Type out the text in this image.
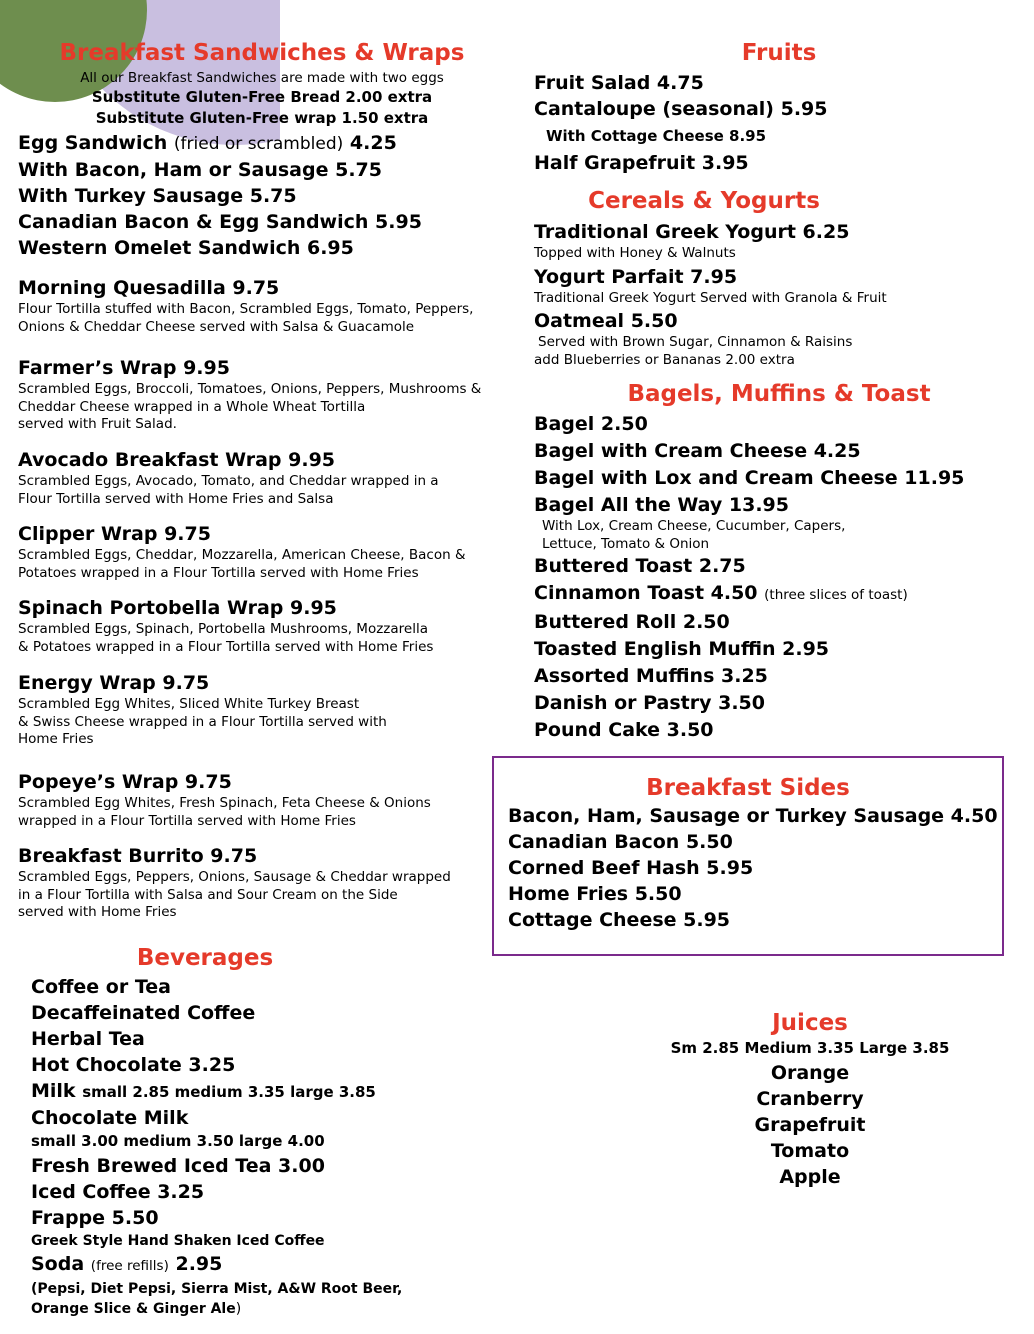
Breakfast Sandwiches & Wraps
All our Breakfast Sandwiches are made with two eggs
Substitute Gluten-Free Bread 2.00 extra
Substitute Gluten-Free wrap 1.50 extra
Egg Sandwich (fried or scrambled) 4.25
With Bacon, Ham or Sausage 5.75
With Turkey Sausage 5.75
Canadian Bacon & Egg Sandwich 5.95
Western Omelet Sandwich 6.95
Morning Quesadilla 9.75
Flour Tortilla stuffed with Bacon, Scrambled Eggs, Tomato, Peppers,
Onions & Cheddar Cheese served with Salsa & Guacamole
Farmer’s Wrap 9.95
Scrambled Eggs, Broccoli, Tomatoes, Onions, Peppers, Mushrooms &
Cheddar Cheese wrapped in a Whole Wheat Tortilla
served with Fruit Salad.
Avocado Breakfast Wrap 9.95
Scrambled Eggs, Avocado, Tomato, and Cheddar wrapped in a
Flour Tortilla served with Home Fries and Salsa
Clipper Wrap 9.75
Scrambled Eggs, Cheddar, Mozzarella, American Cheese, Bacon &
Potatoes wrapped in a Flour Tortilla served with Home Fries
Spinach Portobella Wrap 9.95
Scrambled Eggs, Spinach, Portobella Mushrooms, Mozzarella
& Potatoes wrapped in a Flour Tortilla served with Home Fries
Energy Wrap 9.75
Scrambled Egg Whites, Sliced White Turkey Breast
& Swiss Cheese wrapped in a Flour Tortilla served with
Home Fries
Popeye’s Wrap 9.75
Scrambled Egg Whites, Fresh Spinach, Feta Cheese & Onions
wrapped in a Flour Tortilla served with Home Fries
Breakfast Burrito 9.75
Scrambled Eggs, Peppers, Onions, Sausage & Cheddar wrapped
in a Flour Tortilla with Salsa and Sour Cream on the Side
served with Home Fries
Beverages
Coffee or Tea
Decaffeinated Coffee
Herbal Tea
Hot Chocolate 3.25
Milk small 2.85 medium 3.35 large 3.85
Chocolate Milk
small 3.00 medium 3.50 large 4.00
Fresh Brewed Iced Tea 3.00
Iced Coffee 3.25
Frappe 5.50
Greek Style Hand Shaken Iced Coffee
Soda (free refills) 2.95
(Pepsi, Diet Pepsi, Sierra Mist, A&W Root Beer,
Orange Slice & Ginger Ale)
Fruits
Fruit Salad 4.75
Cantaloupe (seasonal) 5.95
With Cottage Cheese 8.95
Half Grapefruit 3.95
Cereals & Yogurts
Traditional Greek Yogurt 6.25
Topped with Honey & Walnuts
Yogurt Parfait 7.95
Traditional Greek Yogurt Served with Granola & Fruit
Oatmeal 5.50
Served with Brown Sugar, Cinnamon & Raisins
add Blueberries or Bananas 2.00 extra
Bagels, Muffins & Toast
Bagel 2.50
Bagel with Cream Cheese 4.25
Bagel with Lox and Cream Cheese 11.95
Bagel All the Way 13.95
With Lox, Cream Cheese, Cucumber, Capers,
Lettuce, Tomato & Onion
Buttered Toast 2.75
Cinnamon Toast 4.50 (three slices of toast)
Buttered Roll 2.50
Toasted English Muffin 2.95
Assorted Muffins 3.25
Danish or Pastry 3.50
Pound Cake 3.50
Breakfast Sides
Bacon, Ham, Sausage or Turkey Sausage 4.50
Canadian Bacon 5.50
Corned Beef Hash 5.95
Home Fries 5.50
Cottage Cheese 5.95
Juices
Sm 2.85 Medium 3.35 Large 3.85
Orange
Cranberry
Grapefruit
Tomato
Apple
